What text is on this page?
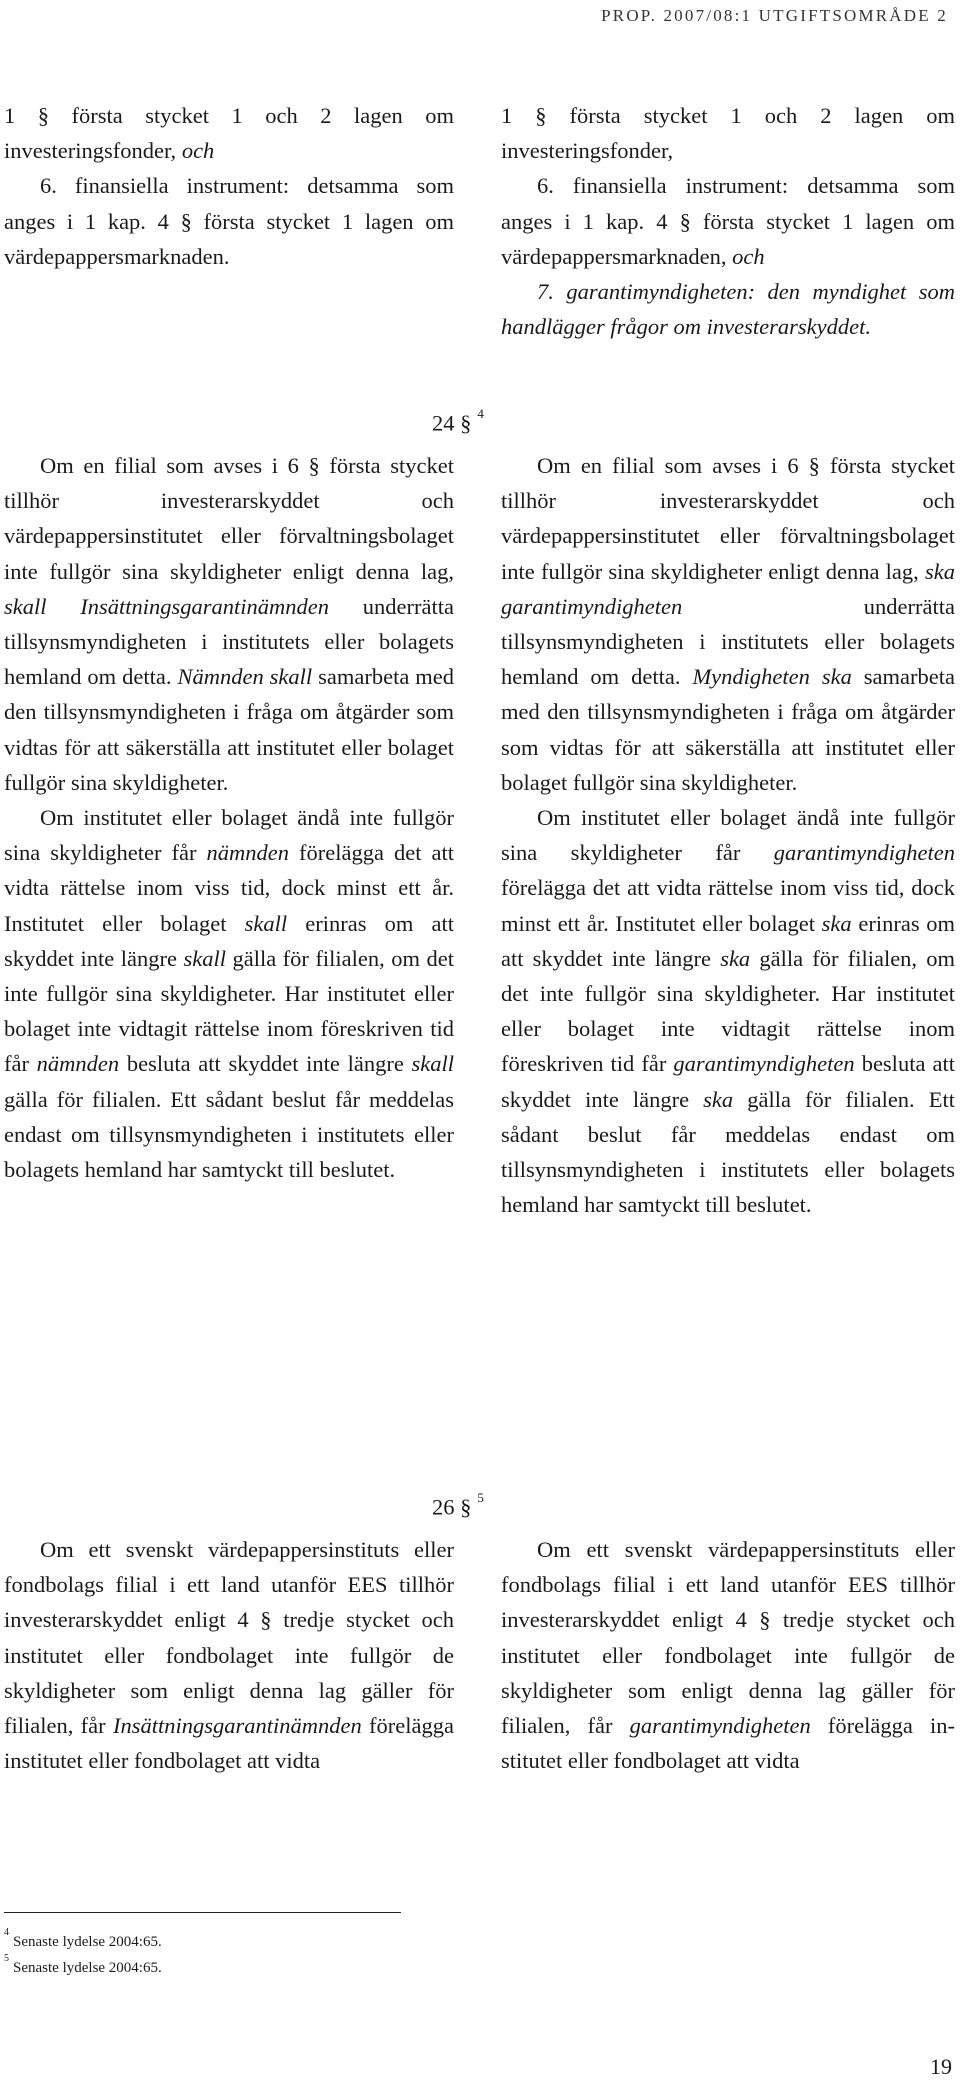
PROP. 2007/08:1 UTGIFTSOMRÅDE 2

1 § första stycket 1 och 2 lagen om investeringsfonder, och

6. finansiella instrument: detsamma som anges i 1 kap. 4 § första stycket 1 lagen om värdepappersmarknaden.

1 § första stycket 1 och 2 lagen om investeringsfonder,

6. finansiella instrument: detsamma som anges i 1 kap. 4 § första stycket 1 lagen om värdepappersmarknaden, och

7. garantimyndigheten: den myndighet som handlägger frågor om investerarskyddet.

24 § $^4$

Om en filial som avses i 6 § första stycket tillhör investerarskyddet och värdepappersinstitutet eller förvaltningsbolaget inte fullgör sina skyldigheter enligt denna lag, skall Insättningsgarantinämnden underrätta tillsynsmyndigheten i institutets eller bolagets hemland om detta. Nämnden skall samarbeta med den tillsynsmyndigheten i fråga om åtgärder som vidtas för att säkerställa att institutet eller bolaget fullgör sina skyldigheter.

Om institutet eller bolaget ändå inte fullgör sina skyldigheter får nämnden förelägga det att vidta rättelse inom viss tid, dock minst ett år. Institutet eller bolaget skall erinras om att skyddet inte längre skall gälla för filialen, om det inte fullgör sina skyldigheter. Har institutet eller bolaget inte vidtagit rättelse inom föreskriven tid får nämnden besluta att skyddet inte längre skall gälla för filialen. Ett sådant beslut får meddelas endast om tillsynsmyndigheten i institutets eller bolagets hemland har samtyckt till beslutet.

Om en filial som avses i 6 § första stycket tillhör investerarskyddet och värdepappersinstitutet eller förvaltningsbolaget inte fullgör sina skyldigheter enligt denna lag, ska garantimyndigheten underrätta tillsynsmyndigheten i institutets eller bolagets hemland om detta. Myndigheten ska samarbeta med den tillsynsmyndigheten i fråga om åtgärder som vidtas för att säkerställa att institutet eller bolaget fullgör sina skyldigheter.

Om institutet eller bolaget ändå inte fullgör sina skyldigheter får garantimyndigheten förelägga det att vidta rättelse inom viss tid, dock minst ett år. Institutet eller bolaget ska erinras om att skyddet inte längre ska gälla för filialen, om det inte fullgör sina skyldigheter. Har institutet eller bolaget inte vidtagit rättelse inom föreskriven tid får garantimyndigheten besluta att skyddet inte längre ska gälla för filialen. Ett sådant beslut får meddelas endast om tillsynsmyndigheten i institutets eller bolagets hemland har samtyckt till beslutet.

26 § $^5$

Om ett svenskt värdepappersinstituts eller fondbolags filial i ett land utanför EES tillhör investerarskyddet enligt 4 § tredje stycket och institutet eller fondbolaget inte fullgör de skyldigheter som enligt denna lag gäller för filialen, får Insättningsgarantinämnden förelägga institutet eller fondbolaget att vidta

Om ett svenskt värdepappersinstituts eller fondbolags filial i ett land utanför EES tillhör investerarskyddet enligt 4 § tredje stycket och institutet eller fondbolaget inte fullgör de skyldigheter som enligt denna lag gäller för filialen, får garantimyndigheten förelägga institutet eller fondbolaget att vidta

$^4$Senaste lydelse 2004:65.
$^5$Senaste lydelse 2004:65.
19
